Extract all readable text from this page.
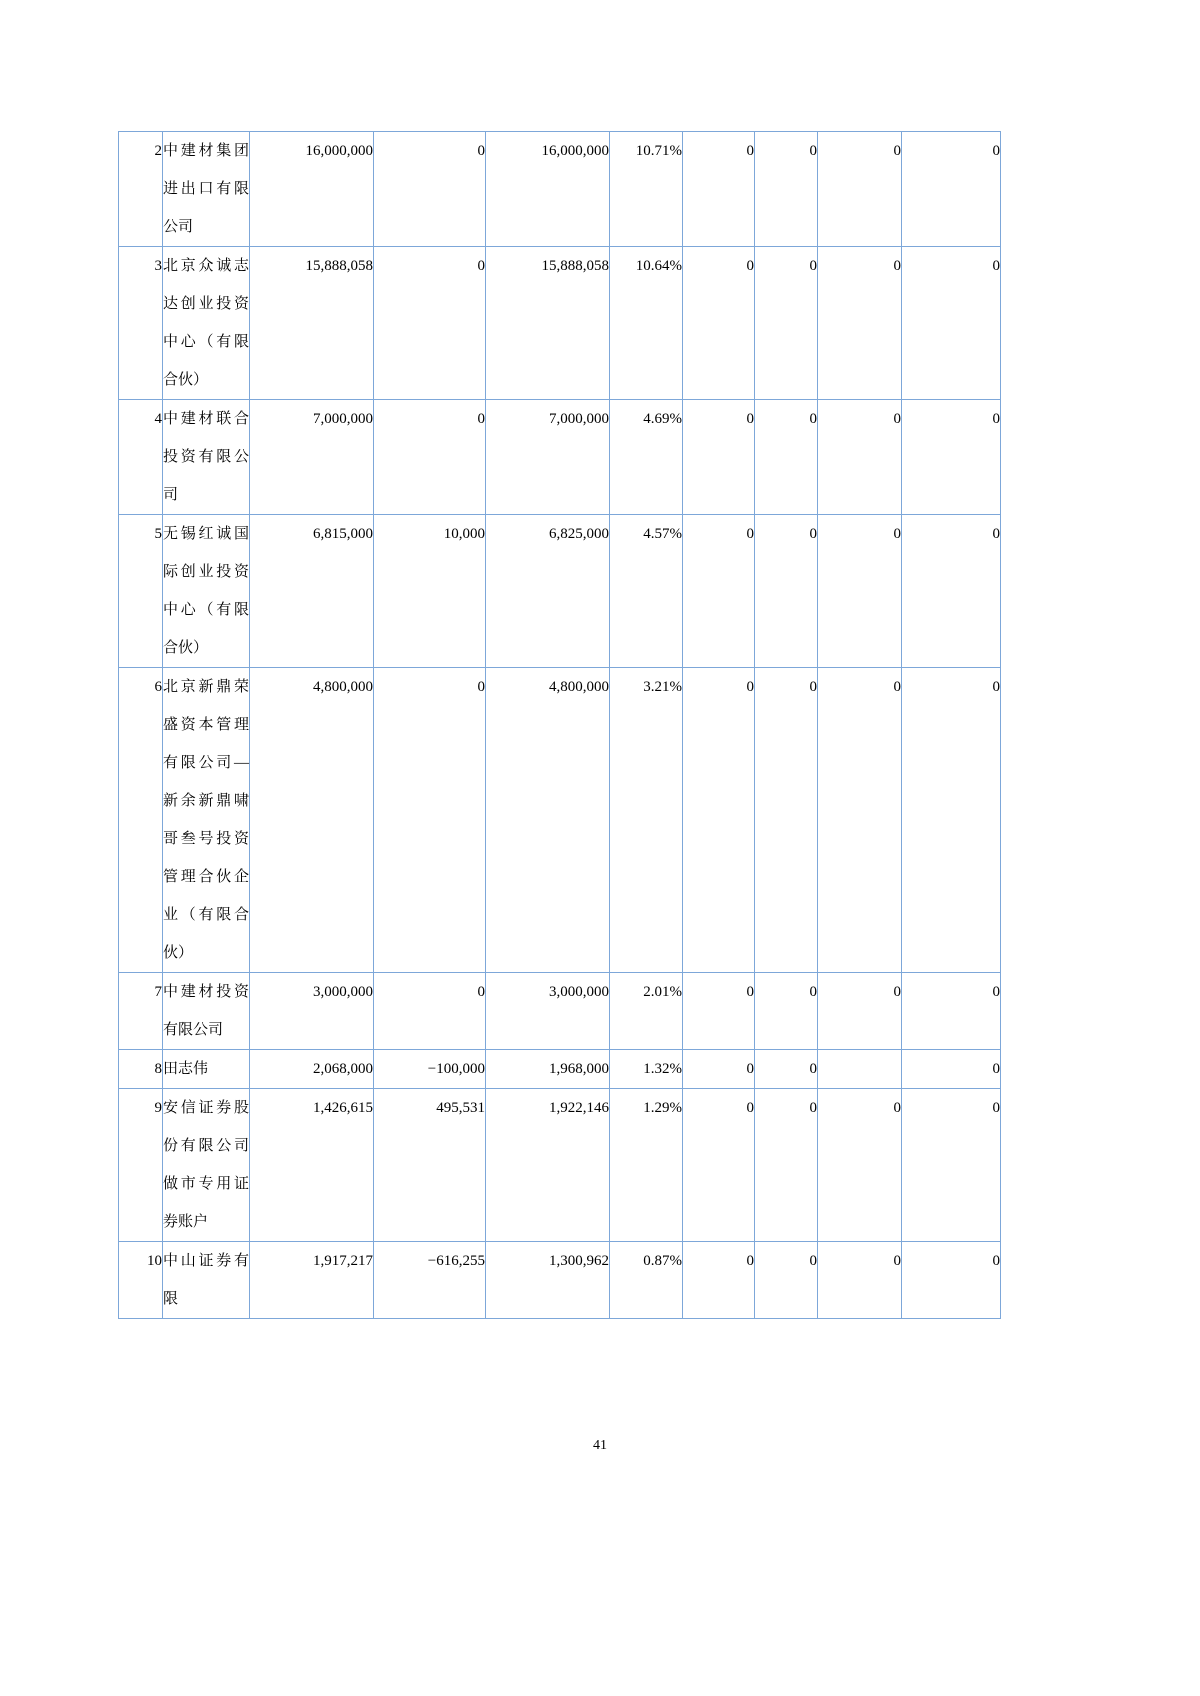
2	中建材集团进出口有限公司	16,000,000	0	16,000,000	10.71%	0	0	0	0
3	北京众诚志达创业投资中心（有限合伙）	15,888,058	0	15,888,058	10.64%	0	0	0	0
4	中建材联合投资有限公司	7,000,000	0	7,000,000	4.69%	0	0	0	0
5	无锡红诚国际创业投资中心（有限合伙）	6,815,000	10,000	6,825,000	4.57%	0	0	0	0
6	北京新鼎荣盛资本管理有限公司—新余新鼎啸哥叁号投资管理合伙企业（有限合伙）	4,800,000	0	4,800,000	3.21%	0	0	0	0
7	中建材投资有限公司	3,000,000	0	3,000,000	2.01%	0	0	0	0
8	田志伟	2,068,000	−100,000	1,968,000	1.32%	0	0		0
9	安信证券股份有限公司做市专用证券账户	1,426,615	495,531	1,922,146	1.29%	0	0	0	0
10	中山证券有限	1,917,217	−616,255	1,300,962	0.87%	0	0	0	0
41
